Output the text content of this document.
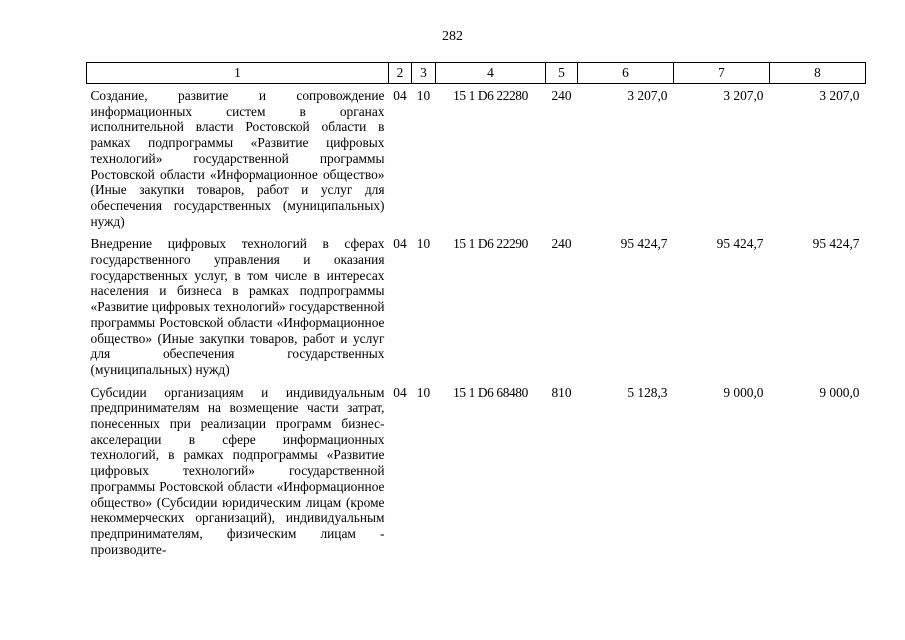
282
1	2	3	4	5	6	7	8
Создание, развитие и сопровождение информационных систем в органах исполнительной власти Ростовской области в рамках подпрограммы «Развитие цифровых технологий» государственной программы Ростовской области «Информационное общество» (Иные закупки товаров, работ и услуг для обеспечения государственных (муниципальных) нужд)	04	10	15 1 D6 22280	240	3 207,0	3 207,0	3 207,0
Внедрение цифровых технологий в сферах государственного управления и оказания государственных услуг, в том числе в интересах населения и бизнеса в рамках подпрограммы «Развитие цифровых технологий» государственной программы Ростовской области «Информационное общество» (Иные закупки товаров, работ и услуг для обеспечения государственных (муниципальных) нужд)	04	10	15 1 D6 22290	240	95 424,7	95 424,7	95 424,7
Субсидии организациям и индивидуальным предпринимателям на возмещение части затрат, понесенных при реализации программ бизнес-акселерации в сфере информационных технологий, в рамках подпрограммы «Развитие цифровых технологий» государственной программы Ростовской области «Информационное общество» (Субсидии юридическим лицам (кроме некоммерческих организаций), индивидуальным предпринимателям, физическим лицам - производите-	04	10	15 1 D6 68480	810	5 128,3	9 000,0	9 000,0
